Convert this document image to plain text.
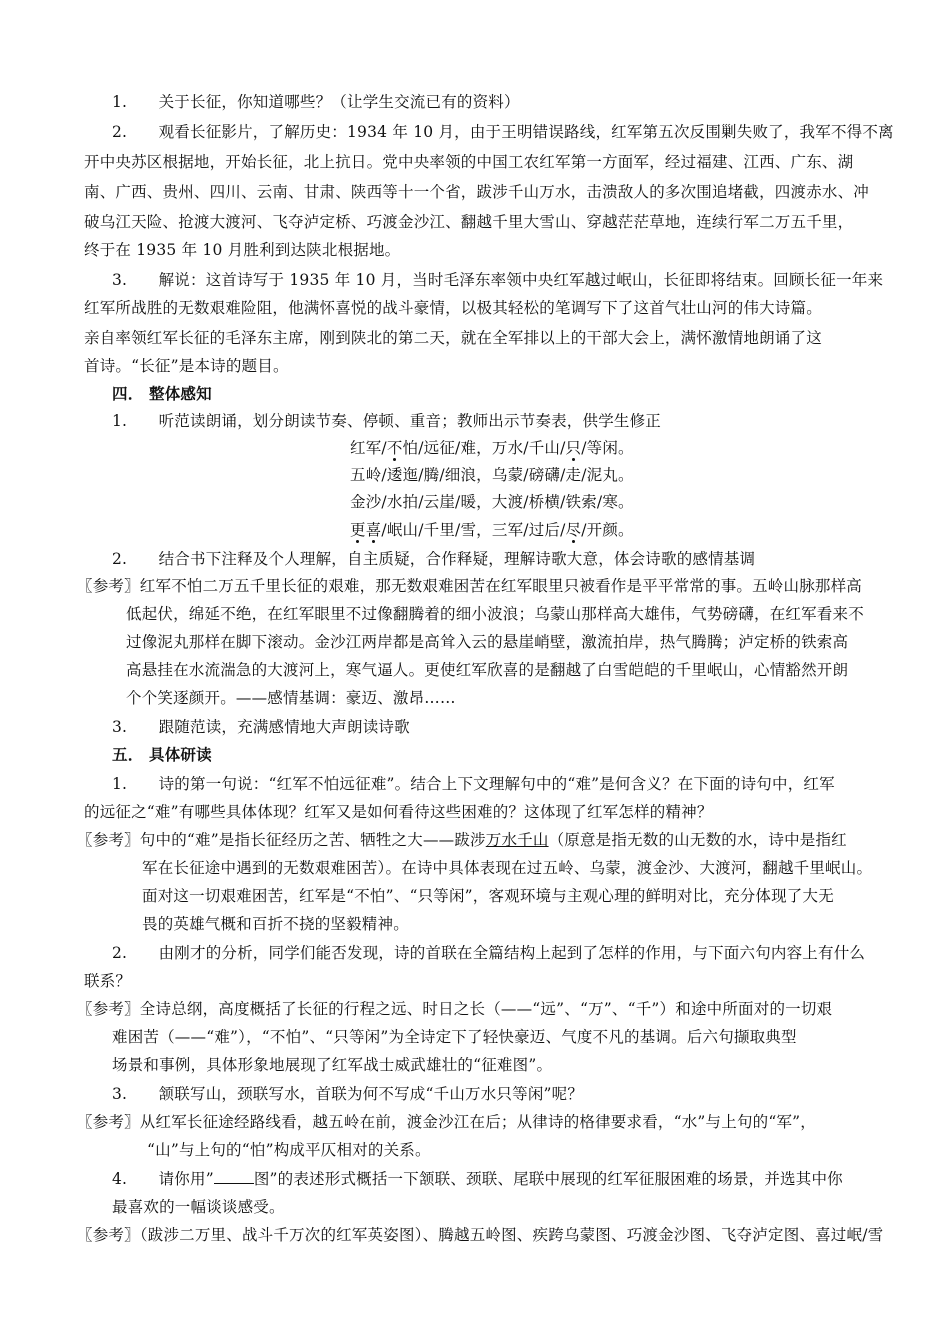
1.　　关于长征，你知道哪些？（让学生交流已有的资料）
2.　　观看长征影片，了解历史：1934 年 10 月，由于王明错误路线，红军第五次反围剿失败了，我军不得不离
开中央苏区根据地，开始长征，北上抗日。党中央率领的中国工农红军第一方面军，经过福建、江西、广东、湖
南、广西、贵州、四川、云南、甘肃、陕西等十一个省，跋涉千山万水，击溃敌人的多次围追堵截，四渡赤水、冲
破乌江天险、抢渡大渡河、飞夺泸定桥、巧渡金沙江、翻越千里大雪山、穿越茫茫草地，连续行军二万五千里，
终于在 1935 年 10 月胜利到达陕北根据地。
3.　　解说：这首诗写于 1935 年 10 月，当时毛泽东率领中央红军越过岷山，长征即将结束。回顾长征一年来
红军所战胜的无数艰难险阻，他满怀喜悦的战斗豪情，以极其轻松的笔调写下了这首气壮山河的伟大诗篇。
亲自率领红军长征的毛泽东主席，刚到陕北的第二天，就在全军排以上的干部大会上，满怀激情地朗诵了这
首诗。“长征”是本诗的题目。
四． 整体感知
1.　　听范读朗诵，划分朗读节奏、停顿、重音；教师出示节奏表，供学生修正
红军/不怕/远征/难，万水/千山/只/等闲。
五岭/逶迤/腾/细浪，乌蒙/磅礴/走/泥丸。
金沙/水拍/云崖/暖，大渡/桥横/铁索/寒。
更喜/岷山/千里/雪，三军/过后/尽/开颜。
2.　　结合书下注释及个人理解，自主质疑，合作释疑，理解诗歌大意，体会诗歌的感情基调
〖参考〗红军不怕二万五千里长征的艰难，那无数艰难困苦在红军眼里只被看作是平平常常的事。五岭山脉那样高
低起伏，绵延不绝，在红军眼里不过像翻腾着的细小波浪；乌蒙山那样高大雄伟，气势磅礴，在红军看来不
过像泥丸那样在脚下滚动。金沙江两岸都是高耸入云的悬崖峭壁，激流拍岸，热气腾腾；泸定桥的铁索高
高悬挂在水流湍急的大渡河上，寒气逼人。更使红军欣喜的是翻越了白雪皑皑的千里岷山，心情豁然开朗
个个笑逐颜开。——感情基调：豪迈、激昂……
3.　　跟随范读，充满感情地大声朗读诗歌
五． 具体研读
1.　　诗的第一句说：“红军不怕远征难”。结合上下文理解句中的“难”是何含义？在下面的诗句中，红军
的远征之“难”有哪些具体体现？红军又是如何看待这些困难的？这体现了红军怎样的精神？
〖参考〗句中的“难”是指长征经历之苦、牺牲之大——跋涉万水千山（原意是指无数的山无数的水，诗中是指红
军在长征途中遇到的无数艰难困苦）。在诗中具体表现在过五岭、乌蒙，渡金沙、大渡河，翻越千里岷山。
面对这一切艰难困苦，红军是“不怕”、“只等闲”，客观环境与主观心理的鲜明对比，充分体现了大无
畏的英雄气概和百折不挠的坚毅精神。
2.　　由刚才的分析，同学们能否发现，诗的首联在全篇结构上起到了怎样的作用，与下面六句内容上有什么
联系？
〖参考〗全诗总纲，高度概括了长征的行程之远、时日之长（——“远”、“万”、“千”）和途中所面对的一切艰
难困苦（——“难”），“不怕”、“只等闲”为全诗定下了轻快豪迈、气度不凡的基调。后六句撷取典型
场景和事例，具体形象地展现了红军战士威武雄壮的“征难图”。
3.　　颔联写山，颈联写水，首联为何不写成“千山万水只等闲”呢？
〖参考〗从红军长征途经路线看，越五岭在前，渡金沙江在后；从律诗的格律要求看，“水”与上句的“军”，
“山”与上句的“怕”构成平仄相对的关系。
4.　　请你用”	图”的表述形式概括一下颔联、颈联、尾联中展现的红军征服困难的场景，并选其中你
最喜欢的一幅谈谈感受。
〖参考〗（跋涉二万里、战斗千万次的红军英姿图）、腾越五岭图、疾跨乌蒙图、巧渡金沙图、飞夺泸定图、喜过岷/雪
